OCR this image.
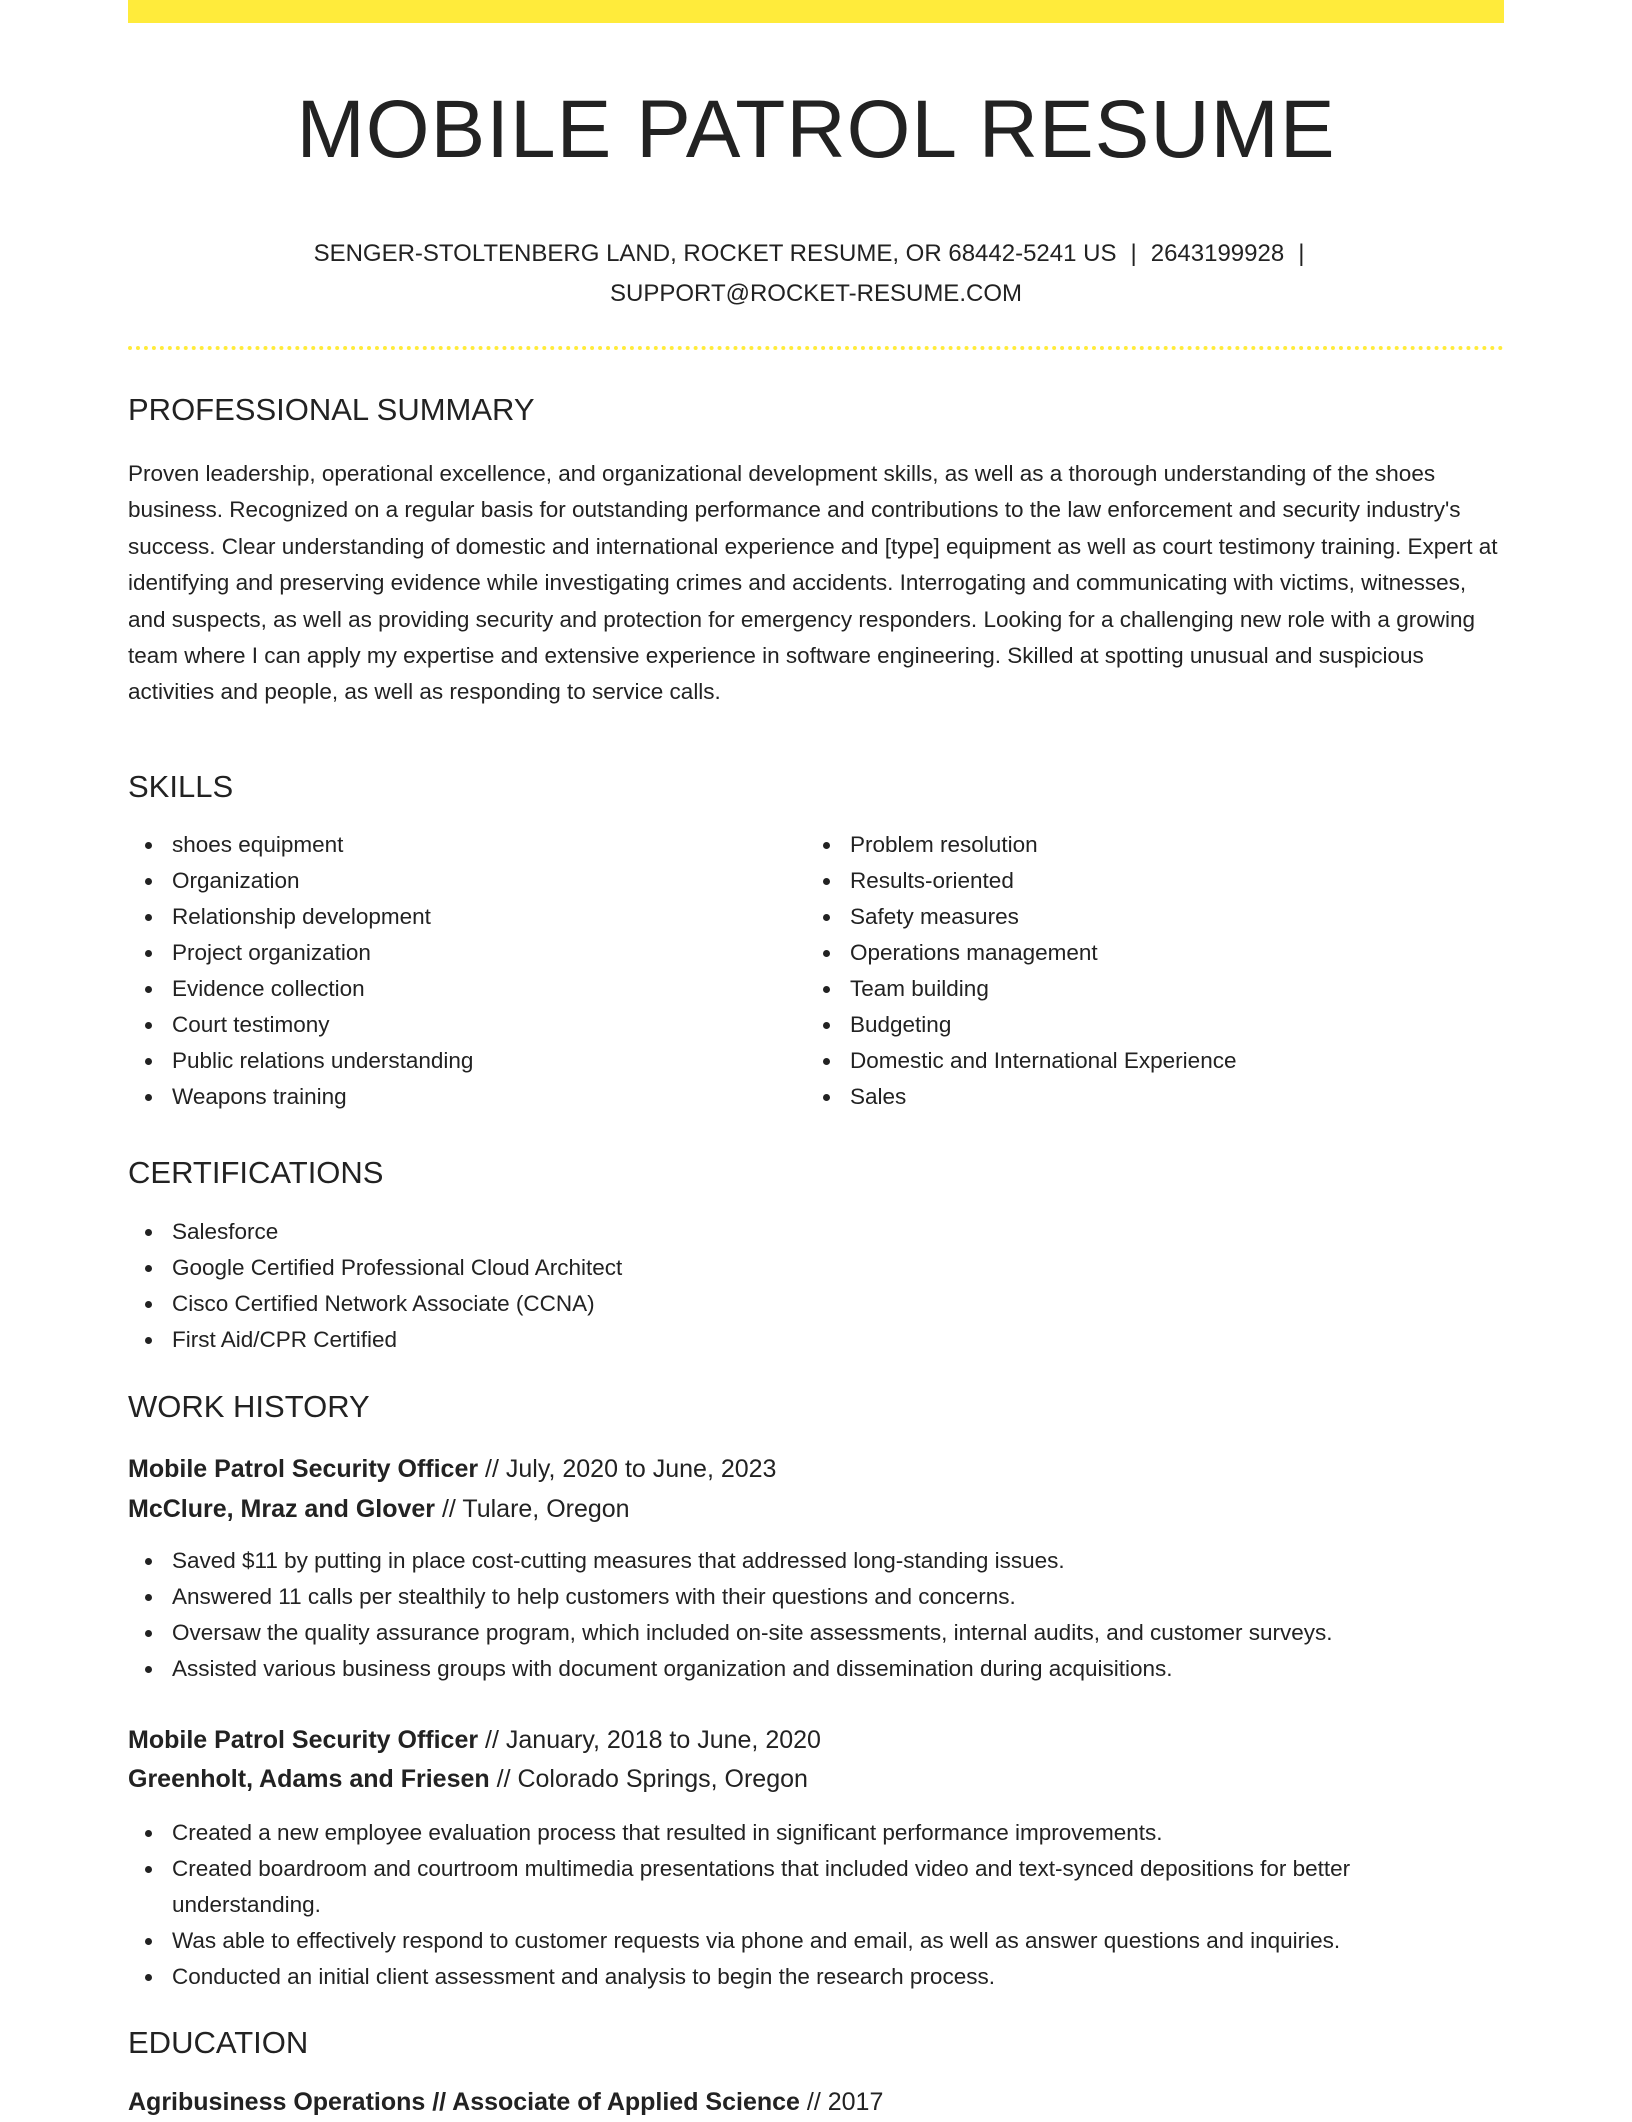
MOBILE PATROL RESUME
SENGER-STOLTENBERG LAND, ROCKET RESUME, OR 68442-5241 US | 2643199928 |
SUPPORT@ROCKET-RESUME.COM
PROFESSIONAL SUMMARY

Proven leadership, operational excellence, and organizational development skills, as well as a thorough understanding of the shoes business. Recognized on a regular basis for outstanding performance and contributions to the law enforcement and security industry's success. Clear understanding of domestic and international experience and [type] equipment as well as court testimony training. Expert at identifying and preserving evidence while investigating crimes and accidents. Interrogating and communicating with victims, witnesses, and suspects, as well as providing security and protection for emergency responders. Looking for a challenging new role with a growing team where I can apply my expertise and extensive experience in software engineering. Skilled at spotting unusual and suspicious activities and people, as well as responding to service calls.

SKILLS
shoes equipment
Organization
Relationship development
Project organization
Evidence collection
Court testimony
Public relations understanding
Weapons training
Problem resolution
Results-oriented
Safety measures
Operations management
Team building
Budgeting
Domestic and International Experience
Sales
CERTIFICATIONS
Salesforce
Google Certified Professional Cloud Architect
Cisco Certified Network Associate (CCNA)
First Aid/CPR Certified
WORK HISTORY
Mobile Patrol Security Officer // July, 2020 to June, 2023
McClure, Mraz and Glover // Tulare, Oregon
Saved $11 by putting in place cost-cutting measures that addressed long-standing issues.
Answered 11 calls per stealthily to help customers with their questions and concerns.
Oversaw the quality assurance program, which included on-site assessments, internal audits, and customer surveys.
Assisted various business groups with document organization and dissemination during acquisitions.
Mobile Patrol Security Officer // January, 2018 to June, 2020
Greenholt, Adams and Friesen // Colorado Springs, Oregon
Created a new employee evaluation process that resulted in significant performance improvements.
Created boardroom and courtroom multimedia presentations that included video and text-synced depositions for better understanding.
Was able to effectively respond to customer requests via phone and email, as well as answer questions and inquiries.
Conducted an initial client assessment and analysis to begin the research process.
EDUCATION
Agribusiness Operations // Associate of Applied Science // 2017
